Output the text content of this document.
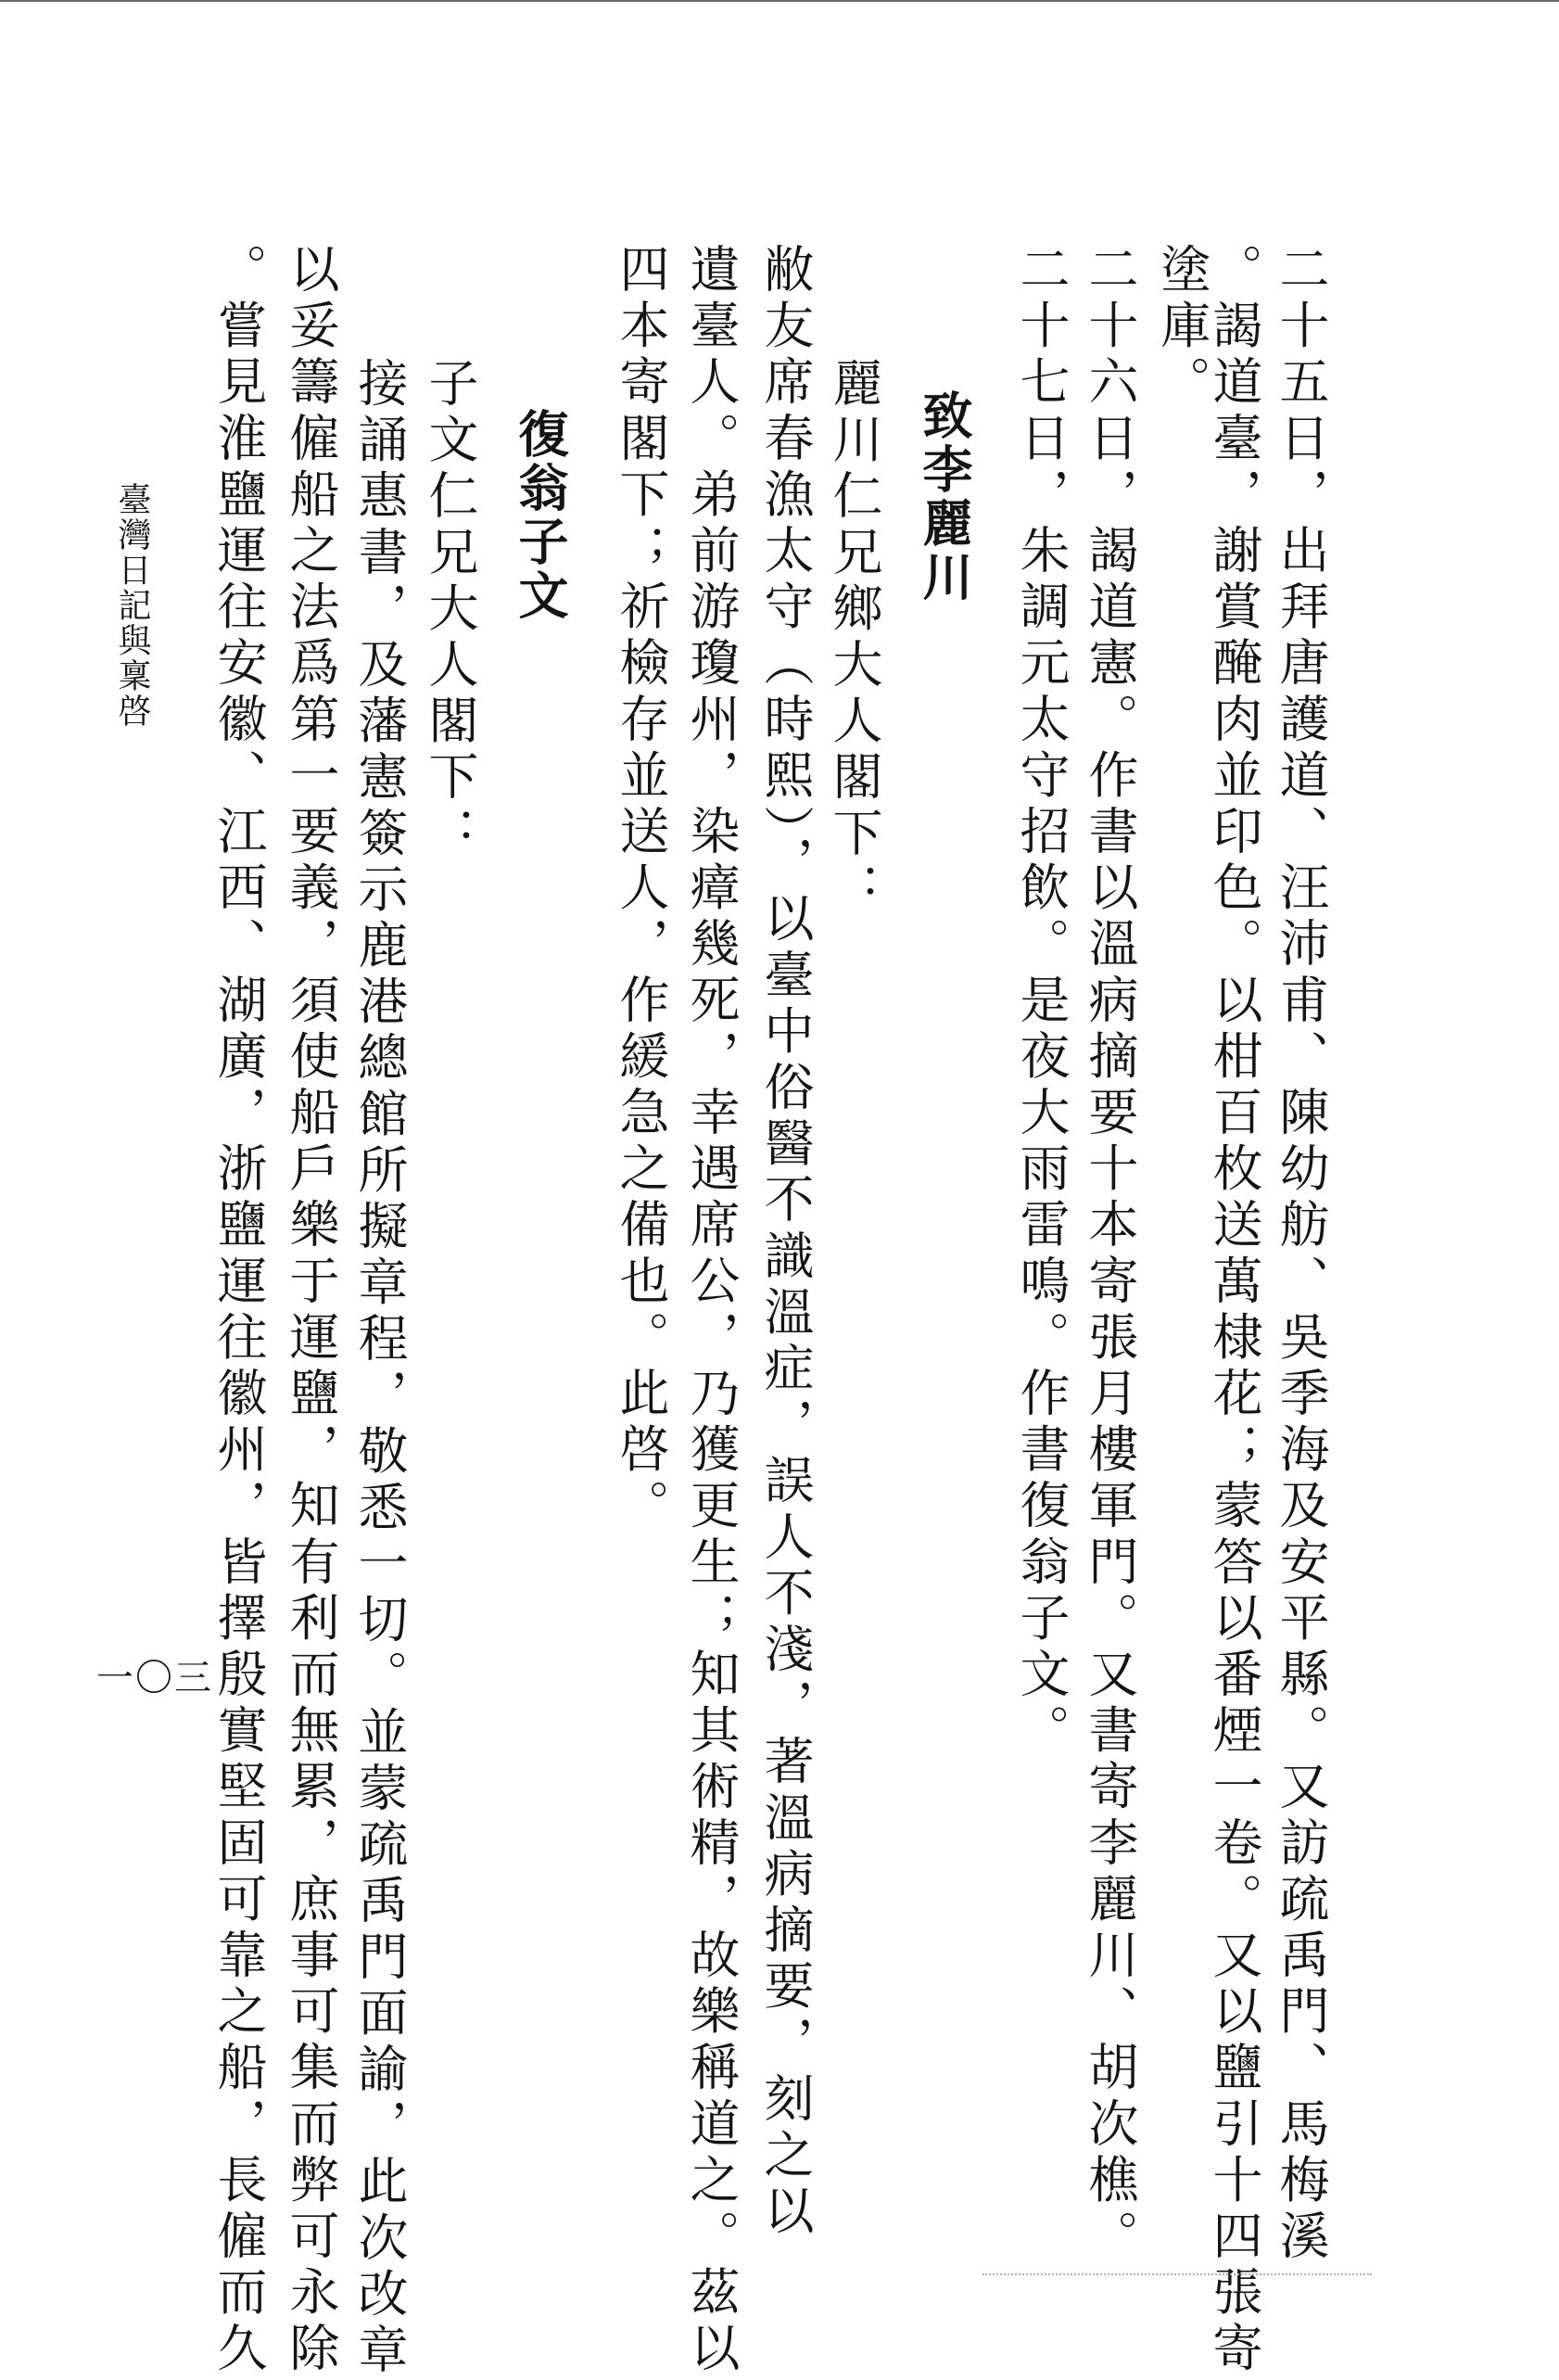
二十五日，出拜唐護道、汪沛甫、陳幼舫、吳季海及安平縣。又訪疏禹門、馬梅溪
。謁道臺，謝賞醃肉並印色。以柑百枚送萬棣花；蒙答以番煙一卷。又以鹽引十四張寄
塗庫。
二十六日，謁道憲。作書以溫病摘要十本寄張月樓軍門。又書寄李麗川、胡次樵。
二十七日，朱調元太守招飲。是夜大雨雷鳴。作書復翁子文。
致李麗川
麗川仁兄鄉大人閣下：
敝友席春漁太守（時熙），以臺中俗醫不識溫症，誤人不淺，著溫病摘要，刻之以
遺臺人。弟前游瓊州，染瘴幾死，幸遇席公，乃獲更生；知其術精，故樂稱道之。茲以
四本寄閣下；祈檢存並送人，作緩急之備也。此啓。
復翁子文
子文仁兄大人閣下：
接誦惠書，及藩憲簽示鹿港總館所擬章程，敬悉一切。並蒙疏禹門面諭，此次改章
以妥籌僱船之法爲第一要義，須使船戶樂于運鹽，知有利而無累，庶事可集而弊可永除
。嘗見淮鹽運往安徽、江西、湖廣，浙鹽運往徽州，皆擇殷實堅固可靠之船，長僱而久
臺灣日記與稟啓
一〇三
